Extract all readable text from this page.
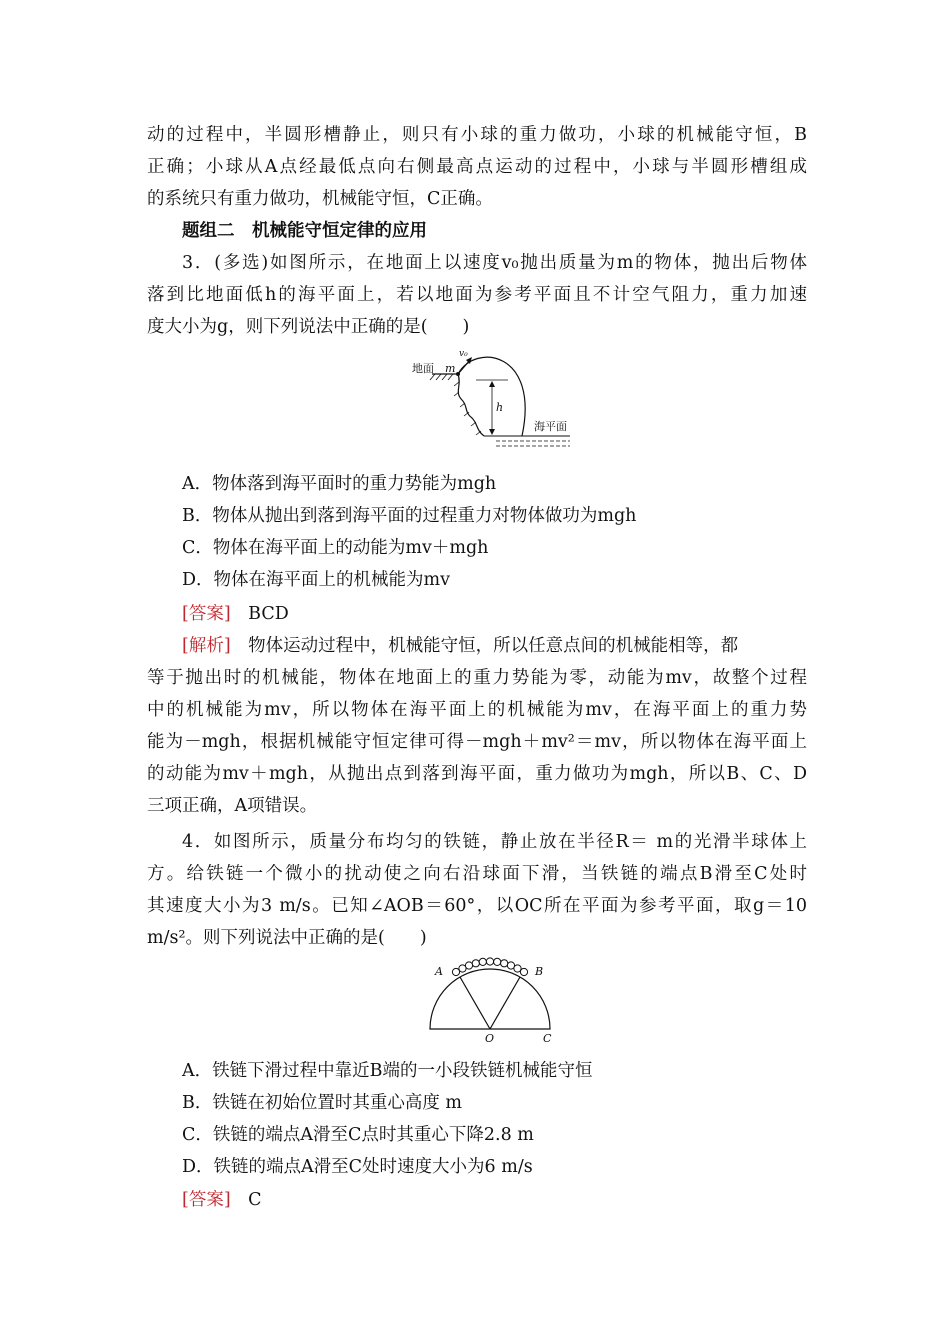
动的过程中，半圆形槽静止，则只有小球的重力做功，小球的机械能守恒，B
正确；小球从A点经最低点向右侧最高点运动的过程中，小球与半圆形槽组成
的系统只有重力做功，机械能守恒，C正确。
题组二　机械能守恒定律的应用
3．(多选)如图所示，在地面上以速度v₀抛出质量为m的物体，抛出后物体
落到比地面低h的海平面上，若以地面为参考平面且不计空气阻力，重力加速
度大小为g，则下列说法中正确的是(　　)
地面 m
v₀
h
海平面
A．物体落到海平面时的重力势能为mgh
B．物体从抛出到落到海平面的过程重力对物体做功为mgh
C．物体在海平面上的动能为mv＋mgh
D．物体在海平面上的机械能为mv
[答案]　 BCD
[解析]　 物体运动过程中，机械能守恒，所以任意点间的机械能相等，都
等于抛出时的机械能，物体在地面上的重力势能为零，动能为mv，故整个过程
中的机械能为mv，所以物体在海平面上的机械能为mv，在海平面上的重力势
能为－mgh，根据机械能守恒定律可得－mgh＋mv²＝mv，所以物体在海平面上
的动能为mv＋mgh，从抛出点到落到海平面，重力做功为mgh，所以B、C、D
三项正确，A项错误。
4．如图所示，质量分布均匀的铁链，静止放在半径R＝ m的光滑半球体上
方。给铁链一个微小的扰动使之向右沿球面下滑，当铁链的端点B滑至C处时
其速度大小为3 m/s。已知∠AOB＝60°，以OC所在平面为参考平面，取g＝10
m/s²。则下列说法中正确的是(　　)
A	B
O	C
A．铁链下滑过程中靠近B端的一小段铁链机械能守恒
B．铁链在初始位置时其重心高度 m
C．铁链的端点A滑至C点时其重心下降2.8 m
D．铁链的端点A滑至C处时速度大小为6 m/s
[答案]　 C
